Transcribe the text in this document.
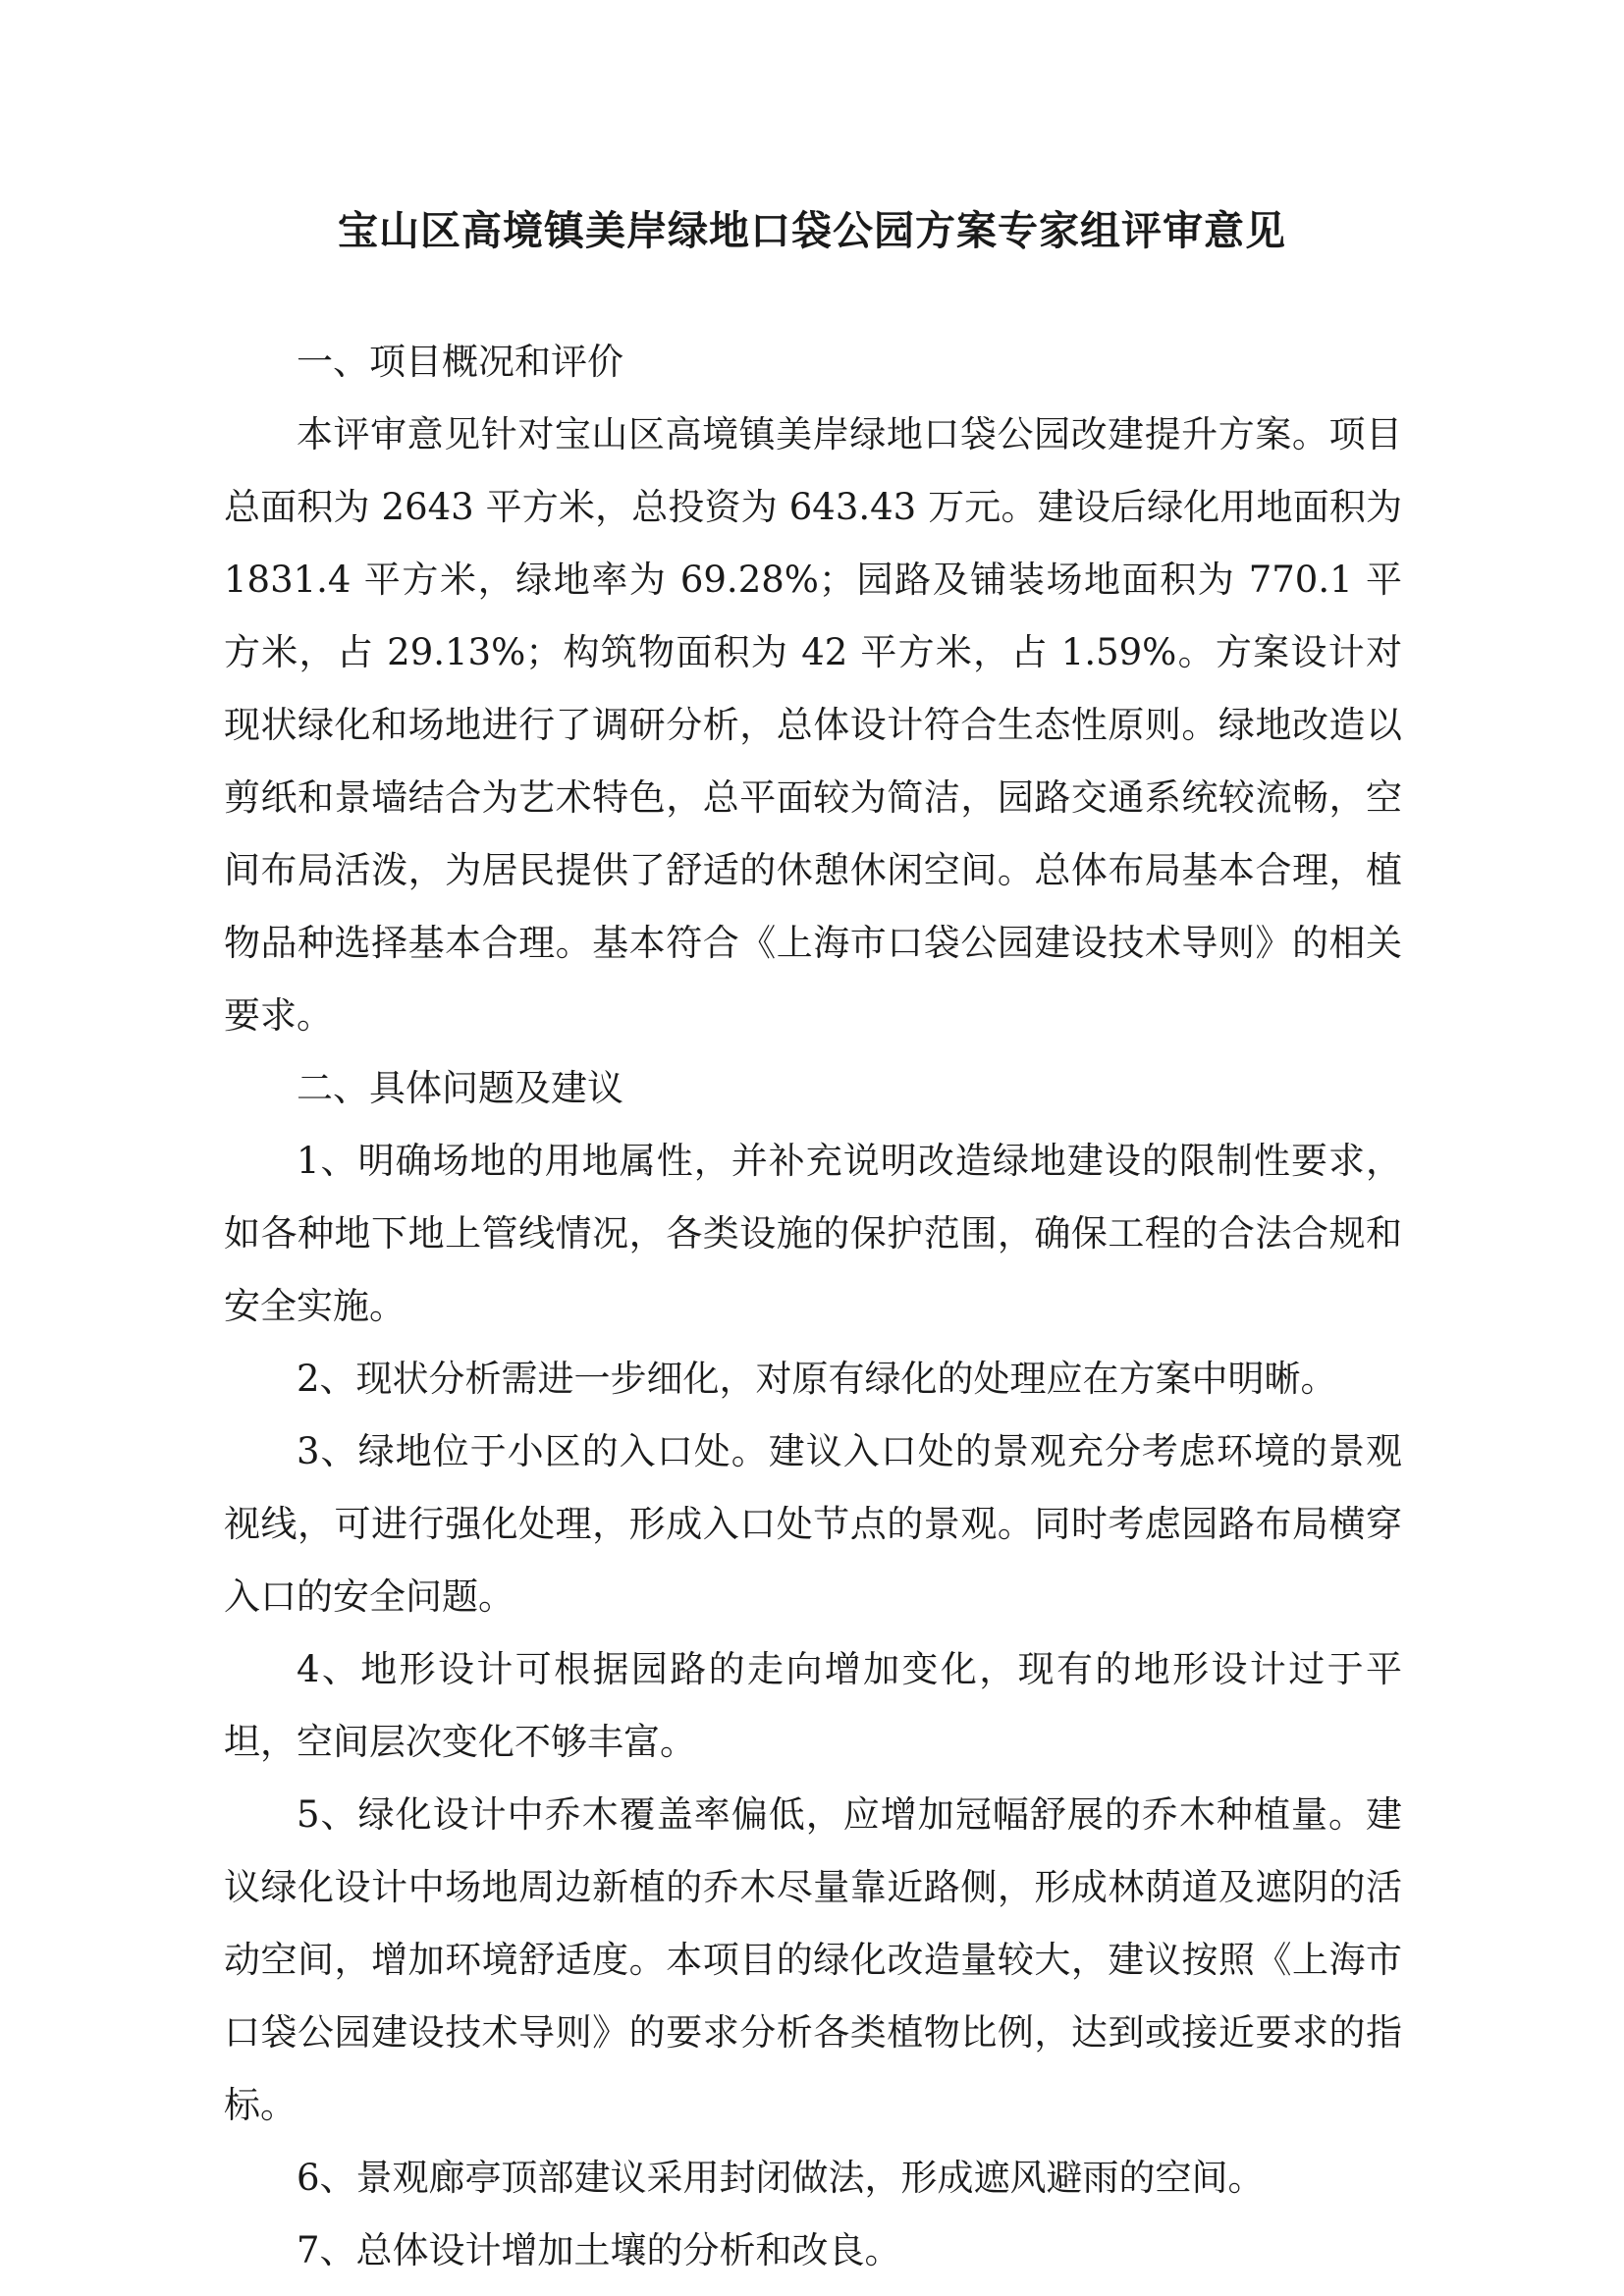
宝山区高境镇美岸绿地口袋公园方案专家组评审意见

一、项目概况和评价

本评审意见针对宝山区高境镇美岸绿地口袋公园改建提升方案。项目总面积为 2643 平方米，总投资为 643.43 万元。建设后绿化用地面积为 1831.4 平方米，绿地率为 69.28%；园路及铺装场地面积为 770.1 平方米，占 29.13%；构筑物面积为 42 平方米，占 1.59%。方案设计对现状绿化和场地进行了调研分析，总体设计符合生态性原则。绿地改造以剪纸和景墙结合为艺术特色，总平面较为简洁，园路交通系统较流畅，空间布局活泼，为居民提供了舒适的休憩休闲空间。总体布局基本合理，植物品种选择基本合理。基本符合《上海市口袋公园建设技术导则》的相关要求。

二、具体问题及建议

1、明确场地的用地属性，并补充说明改造绿地建设的限制性要求，如各种地下地上管线情况，各类设施的保护范围，确保工程的合法合规和安全实施。

2、现状分析需进一步细化，对原有绿化的处理应在方案中明晰。

3、绿地位于小区的入口处。建议入口处的景观充分考虑环境的景观视线，可进行强化处理，形成入口处节点的景观。同时考虑园路布局横穿入口的安全问题。

4、地形设计可根据园路的走向增加变化，现有的地形设计过于平坦，空间层次变化不够丰富。

5、绿化设计中乔木覆盖率偏低，应增加冠幅舒展的乔木种植量。建议绿化设计中场地周边新植的乔木尽量靠近路侧，形成林荫道及遮阴的活动空间，增加环境舒适度。本项目的绿化改造量较大，建议按照《上海市口袋公园建设技术导则》的要求分析各类植物比例，达到或接近要求的指标。

6、景观廊亭顶部建议采用封闭做法，形成遮风避雨的空间。

7、总体设计增加土壤的分析和改良。
